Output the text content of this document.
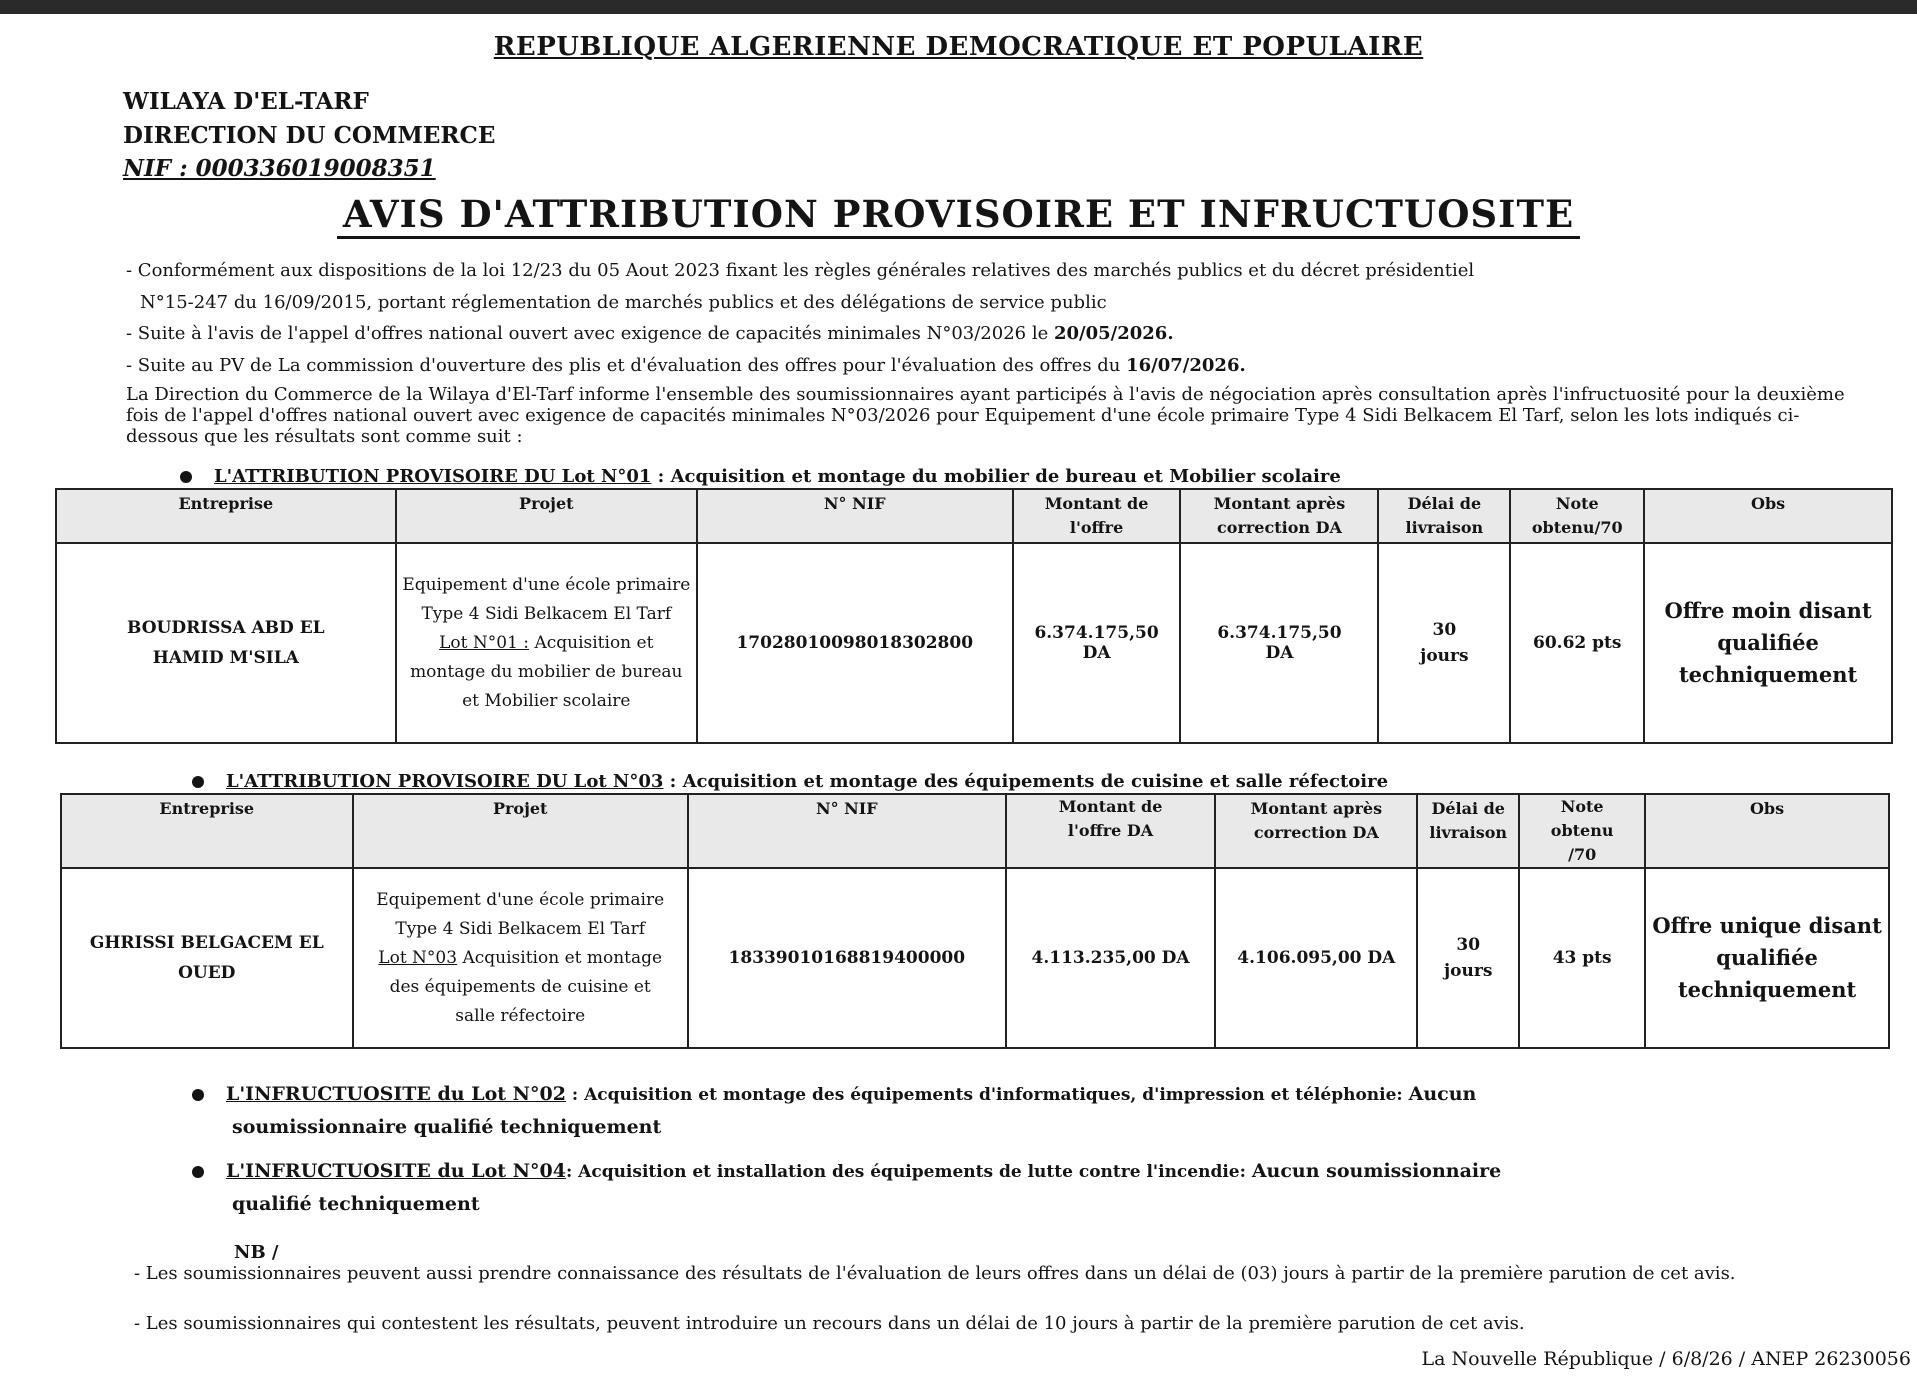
REPUBLIQUE ALGERIENNE DEMOCRATIQUE ET POPULAIRE
WILAYA D'EL-TARF
DIRECTION DU COMMERCE
NIF : 000336019008351
AVIS D'ATTRIBUTION PROVISOIRE ET INFRUCTUOSITE
- Conformément aux dispositions de la loi 12/23 du 05 Aout 2023 fixant les règles générales relatives des marchés publics et du décret présidentiel
N°15-247 du 16/09/2015, portant réglementation de marchés publics et des délégations de service public
- Suite à l'avis de l'appel d'offres national ouvert avec exigence de capacités minimales N°03/2026 le 20/05/2026.
- Suite au PV de La commission d'ouverture des plis et d'évaluation des offres pour l'évaluation des offres du 16/07/2026.
La Direction du Commerce de la Wilaya d'El-Tarf informe l'ensemble des soumissionnaires ayant participés à l'avis de négociation après consultation après l'infructuosité pour la deuxième fois de l'appel d'offres national ouvert avec exigence de capacités minimales N°03/2026 pour Equipement d'une école primaire Type 4 Sidi Belkacem El Tarf, selon les lots indiqués ci-dessous que les résultats sont comme suit :
L'ATTRIBUTION PROVISOIRE DU Lot N°01 : Acquisition et montage du mobilier de bureau et Mobilier scolaire
Entreprise	Projet	N° NIF	Montant de l'offre	Montant après correction DA	Délai de livraison	Note obtenu/70	Obs
BOUDRISSA ABD EL HAMID M'SILA	Equipement d'une école primaire Type 4 Sidi Belkacem El Tarf
Lot N°01 : Acquisition et montage du mobilier de bureau et Mobilier scolaire	17028010098018302800	6.374.175,50 DA	6.374.175,50 DA	30 jours	60.62 pts	Offre moin disant qualifiée techniquement
L'ATTRIBUTION PROVISOIRE DU Lot N°03 : Acquisition et montage des équipements de cuisine et salle réfectoire
Entreprise	Projet	N° NIF	Montant de l'offre DA	Montant après correction DA	Délai de livraison	Note obtenu /70	Obs
GHRISSI BELGACEM EL OUED	Equipement d'une école primaire Type 4 Sidi Belkacem El Tarf
Lot N°03 Acquisition et montage des équipements de cuisine et salle réfectoire	18339010168819400000	4.113.235,00 DA	4.106.095,00 DA	30 jours	43 pts	Offre unique disant qualifiée techniquement
L'INFRUCTUOSITE du Lot N°02 : Acquisition et montage des équipements d'informatiques, d'impression et téléphonie: Aucun
soumissionnaire qualifié techniquement
L'INFRUCTUOSITE du Lot N°04: Acquisition et installation des équipements de lutte contre l'incendie: Aucun soumissionnaire
qualifié techniquement
NB /
- Les soumissionnaires peuvent aussi prendre connaissance des résultats de l'évaluation de leurs offres dans un délai de (03) jours à partir de la première parution de cet avis.
- Les soumissionnaires qui contestent les résultats, peuvent introduire un recours dans un délai de 10 jours à partir de la première parution de cet avis.
La Nouvelle République / 6/8/26 / ANEP 26230056
